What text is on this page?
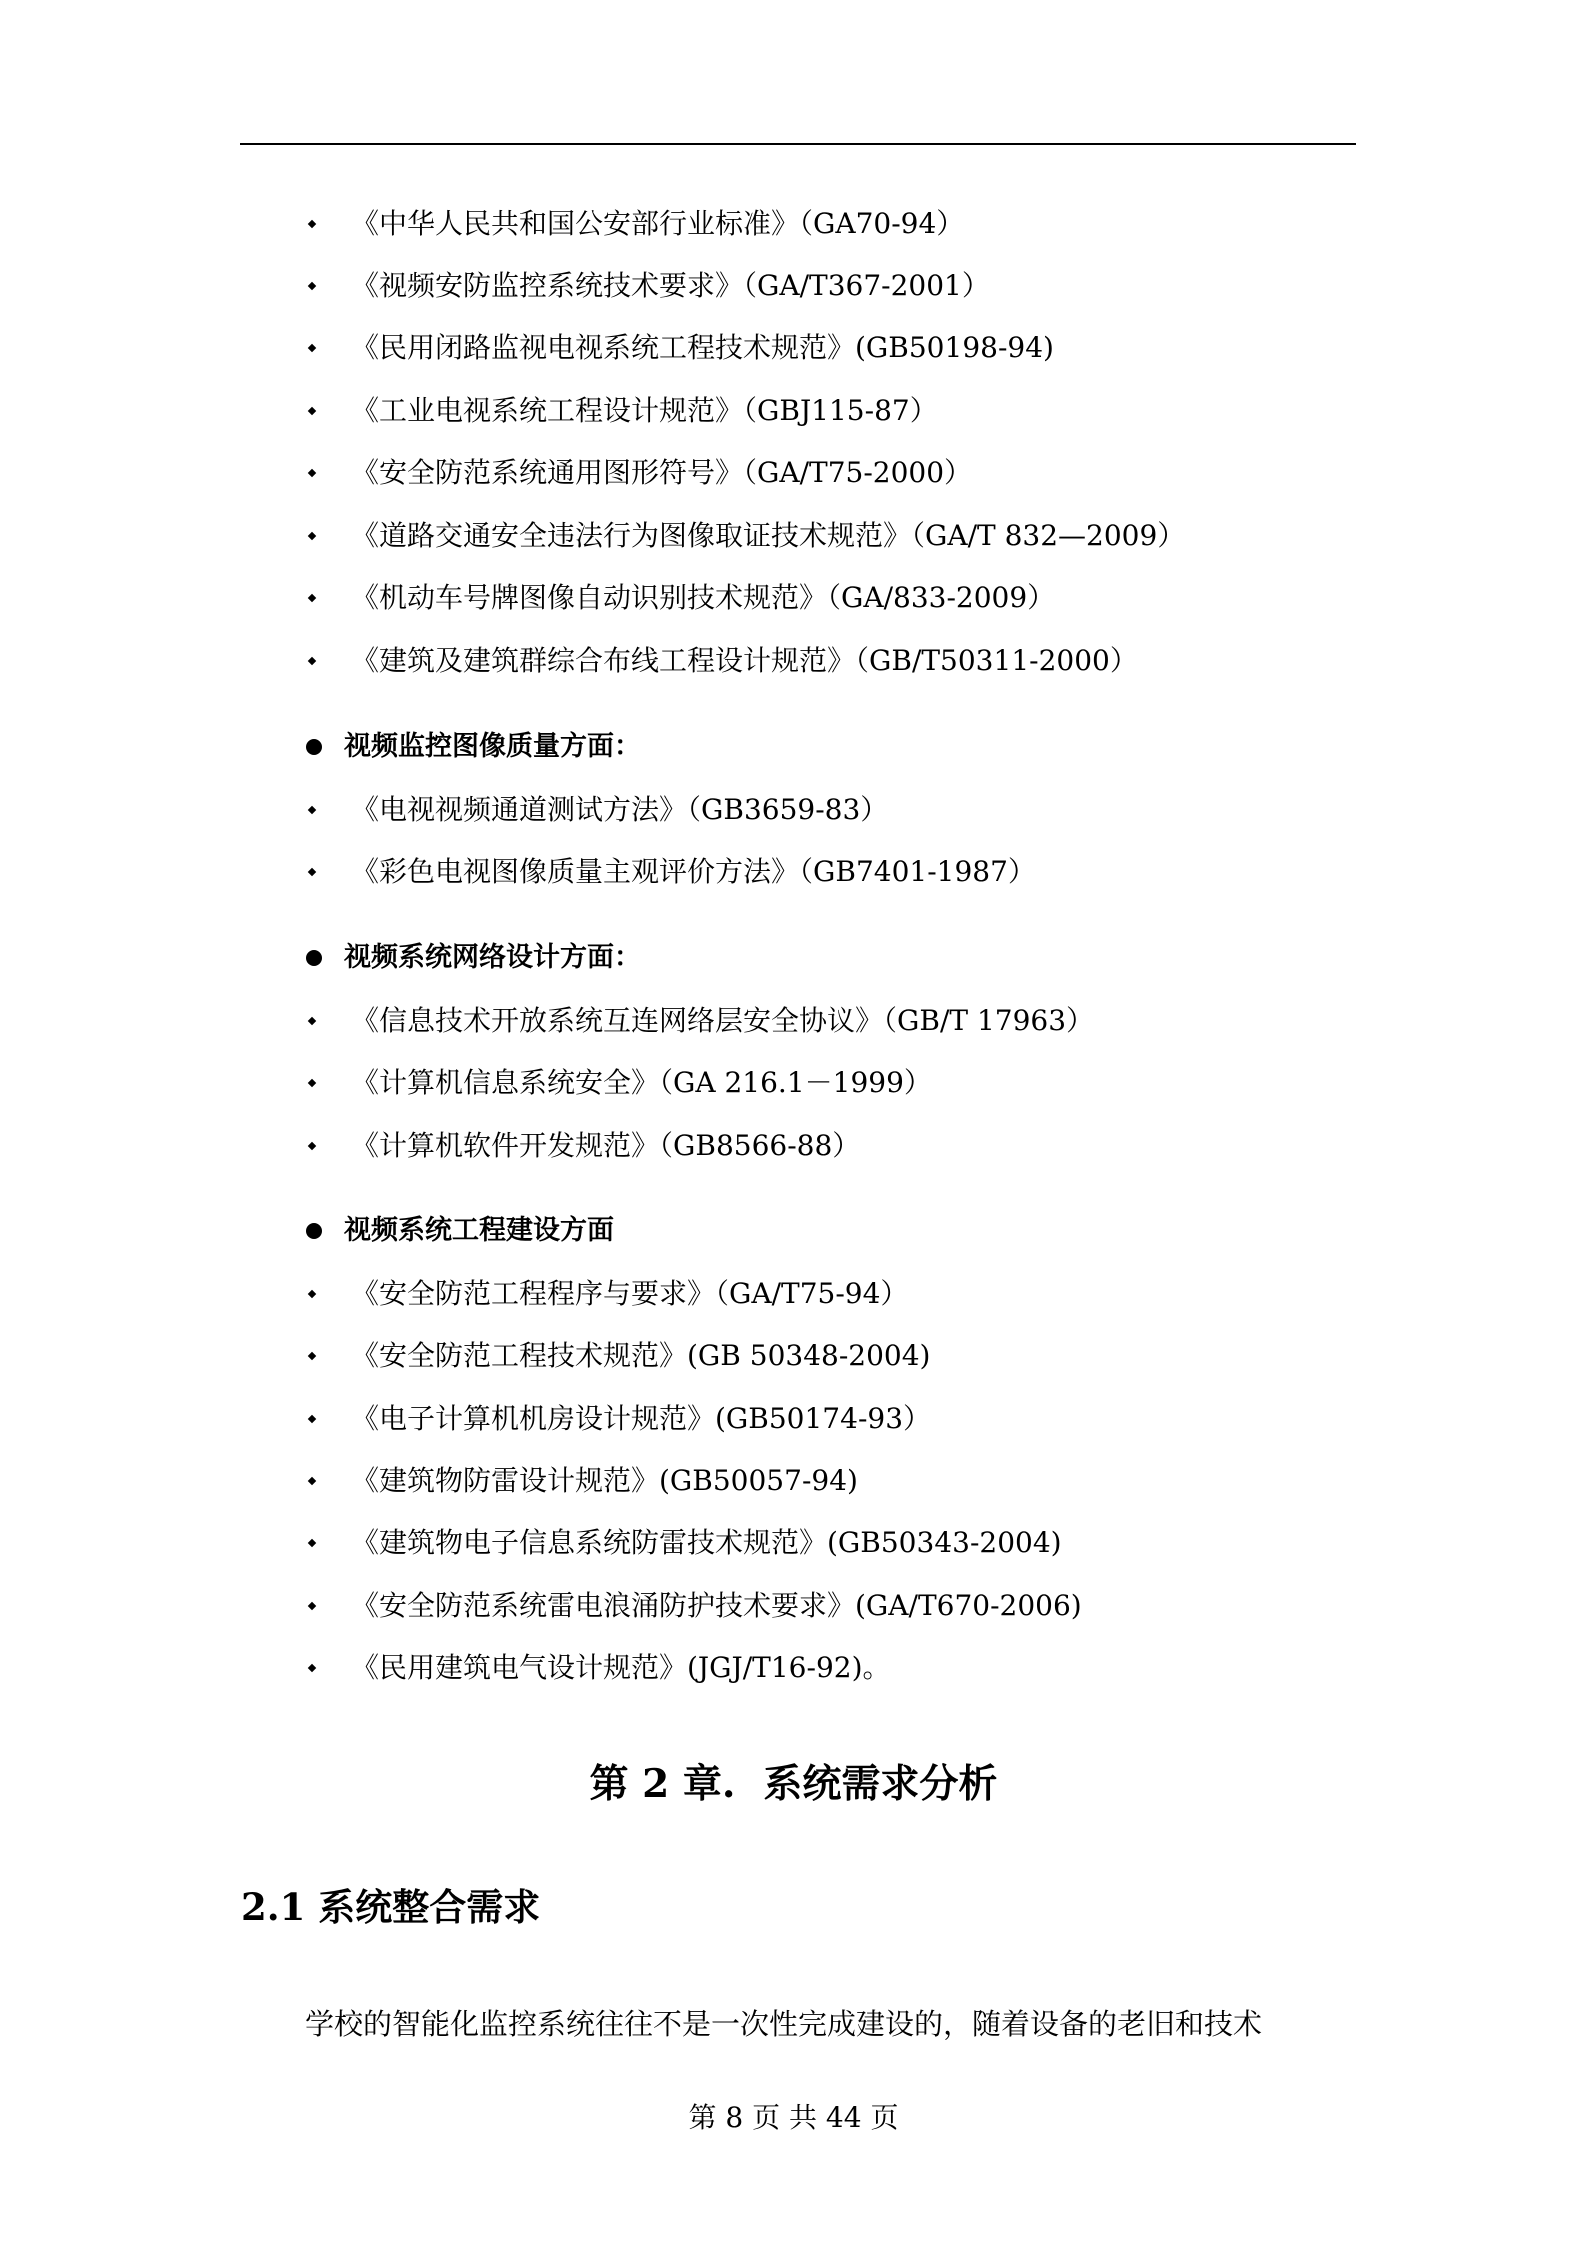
《中华人民共和国公安部行业标准》（GA70-94）
《视频安防监控系统技术要求》（GA/T367-2001）
《民用闭路监视电视系统工程技术规范》(GB50198-94)
《工业电视系统工程设计规范》（GBJ115-87）
《安全防范系统通用图形符号》（GA/T75-2000）
《道路交通安全违法行为图像取证技术规范》（GA/T 832—2009）
《机动车号牌图像自动识别技术规范》（GA/833-2009）
《建筑及建筑群综合布线工程设计规范》（GB/T50311-2000）
视频监控图像质量方面：
《电视视频通道测试方法》（GB3659-83）
《彩色电视图像质量主观评价方法》（GB7401-1987）
视频系统网络设计方面：
《信息技术开放系统互连网络层安全协议》（GB/T 17963）
《计算机信息系统安全》（GA 216.1－1999）
《计算机软件开发规范》（GB8566-88）
视频系统工程建设方面
《安全防范工程程序与要求》（GA/T75-94）
《安全防范工程技术规范》(GB 50348-2004)
《电子计算机机房设计规范》(GB50174-93）
《建筑物防雷设计规范》(GB50057-94)
《建筑物电子信息系统防雷技术规范》(GB50343-2004)
《安全防范系统雷电浪涌防护技术要求》(GA/T670-2006)
《民用建筑电气设计规范》(JGJ/T16-92)。
第 2 章. 系统需求分析
2.1 系统整合需求
学校的智能化监控系统往往不是一次性完成建设的，随着设备的老旧和技术
第 8 页 共 44 页
